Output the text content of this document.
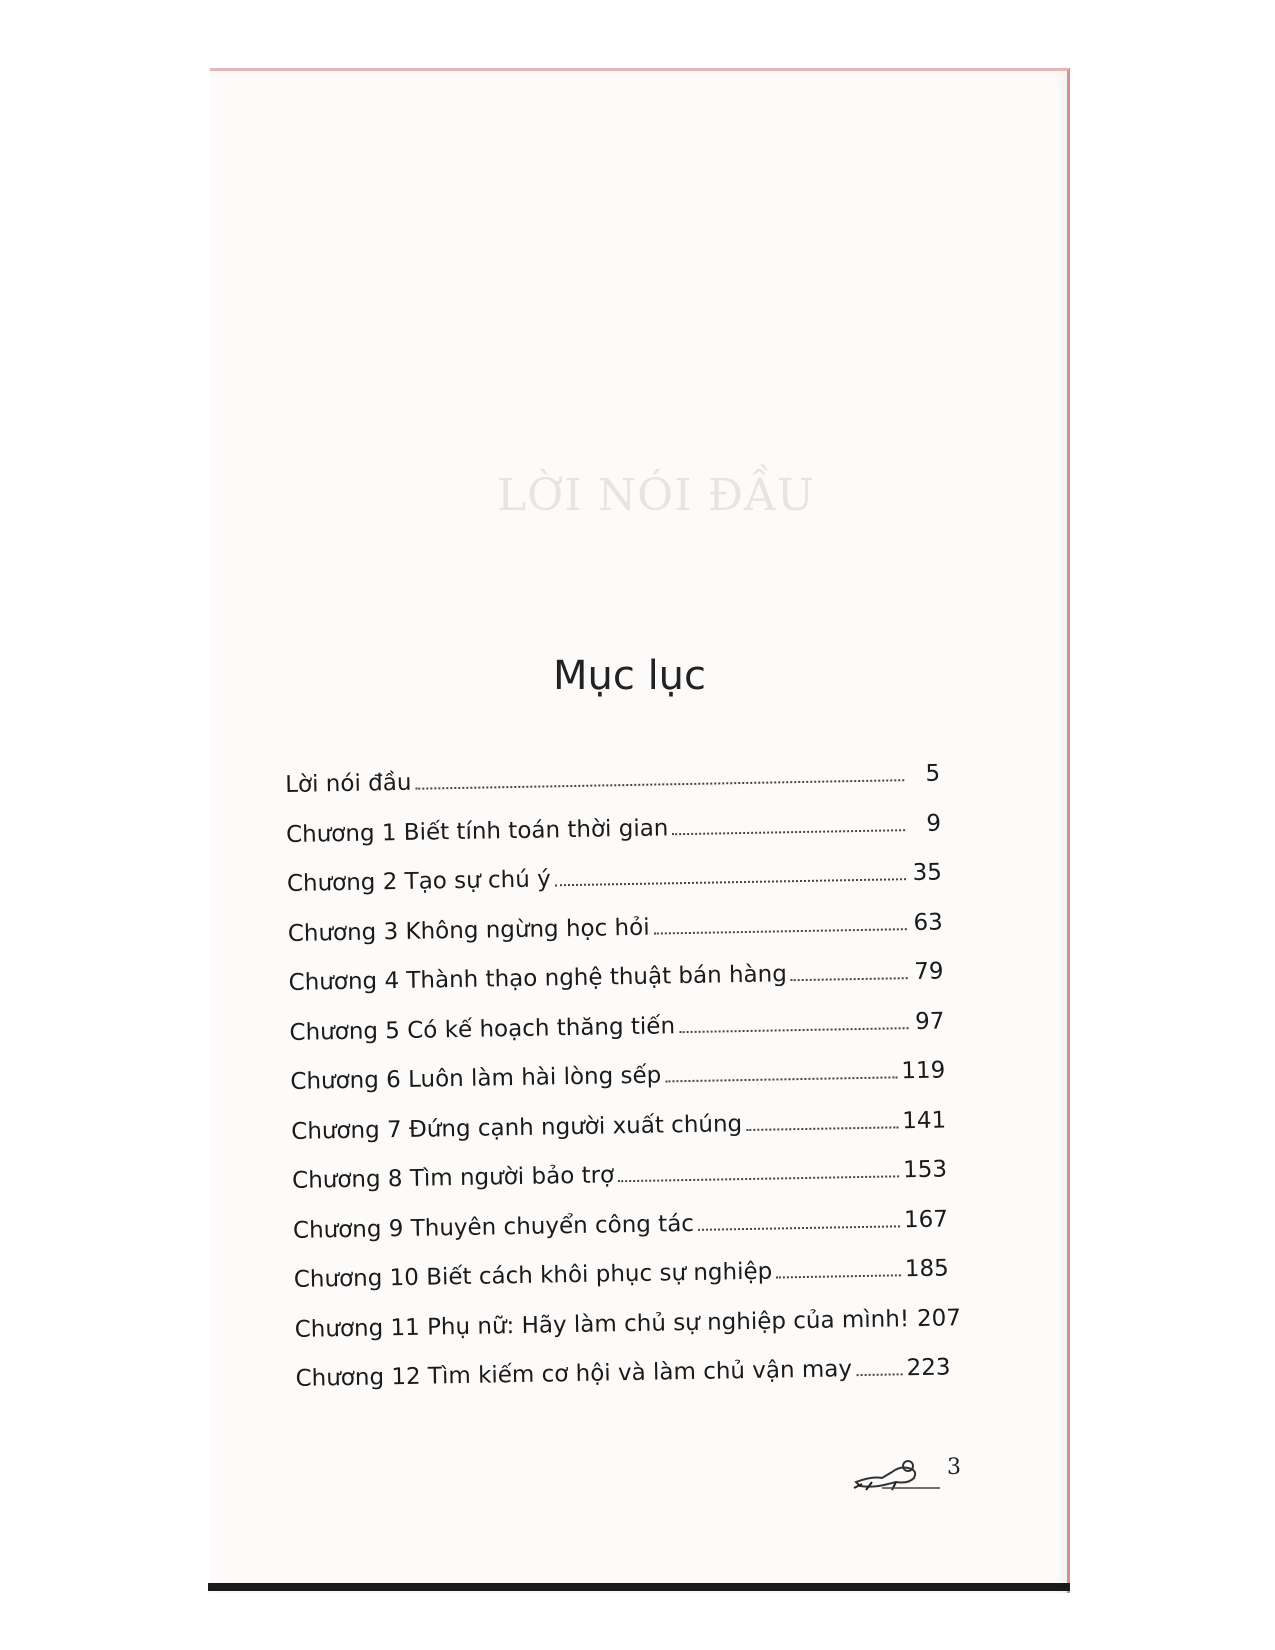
LỜI NÓI ĐẦU
Mục lục
Lời nói đầu	5
Chương 1 Biết tính toán thời gian	9
Chương 2 Tạo sự chú ý	35
Chương 3 Không ngừng học hỏi	63
Chương 4 Thành thạo nghệ thuật bán hàng	79
Chương 5 Có kế hoạch thăng tiến	97
Chương 6 Luôn làm hài lòng sếp	119
Chương 7 Đứng cạnh người xuất chúng	141
Chương 8 Tìm người bảo trợ	153
Chương 9 Thuyên chuyển công tác	167
Chương 10 Biết cách khôi phục sự nghiệp	185
Chương 11 Phụ nữ: Hãy làm chủ sự nghiệp của mình! 207
Chương 12 Tìm kiếm cơ hội và làm chủ vận may 223
3
